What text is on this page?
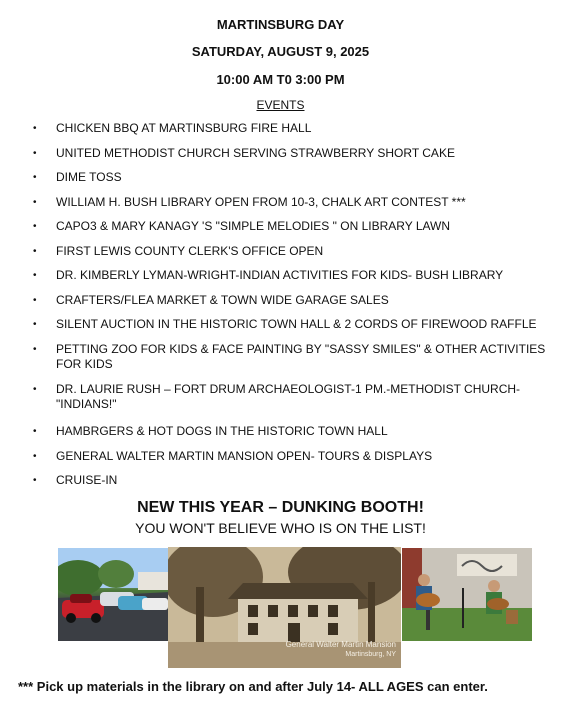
MARTINSBURG DAY
SATURDAY, AUGUST 9, 2025
10:00 AM T0 3:00 PM
EVENTS
• CHICKEN BBQ AT MARTINSBURG FIRE HALL
• UNITED METHODIST CHURCH SERVING STRAWBERRY SHORT CAKE
• DIME TOSS
• WILLIAM H. BUSH LIBRARY OPEN FROM 10-3, CHALK ART CONTEST ***
• CAPO3 & MARY KANAGY 'S "SIMPLE MELODIES " ON LIBRARY LAWN
• FIRST LEWIS COUNTY CLERK'S OFFICE OPEN
• DR. KIMBERLY LYMAN-WRIGHT-INDIAN ACTIVITIES FOR KIDS- BUSH LIBRARY
• CRAFTERS/FLEA MARKET & TOWN WIDE GARAGE SALES
• SILENT AUCTION IN THE HISTORIC TOWN HALL & 2 CORDS OF FIREWOOD RAFFLE
• PETTING ZOO FOR KIDS & FACE PAINTING BY "SASSY SMILES" & OTHER ACTIVITIES FOR KIDS
• DR. LAURIE RUSH – FORT DRUM ARCHAEOLOGIST-1 PM.-METHODIST CHURCH- "INDIANS!"
• HAMBRGERS & HOT DOGS IN THE HISTORIC TOWN HALL
• GENERAL WALTER MARTIN MANSION OPEN- TOURS & DISPLAYS
• CRUISE-IN
NEW THIS YEAR – DUNKING BOOTH!
YOU WON'T BELIEVE WHO IS ON THE LIST!
General Walter Martin Mansion
Martinsburg, NY
*** Pick up materials in the library on and after July 14- ALL AGES can enter.
